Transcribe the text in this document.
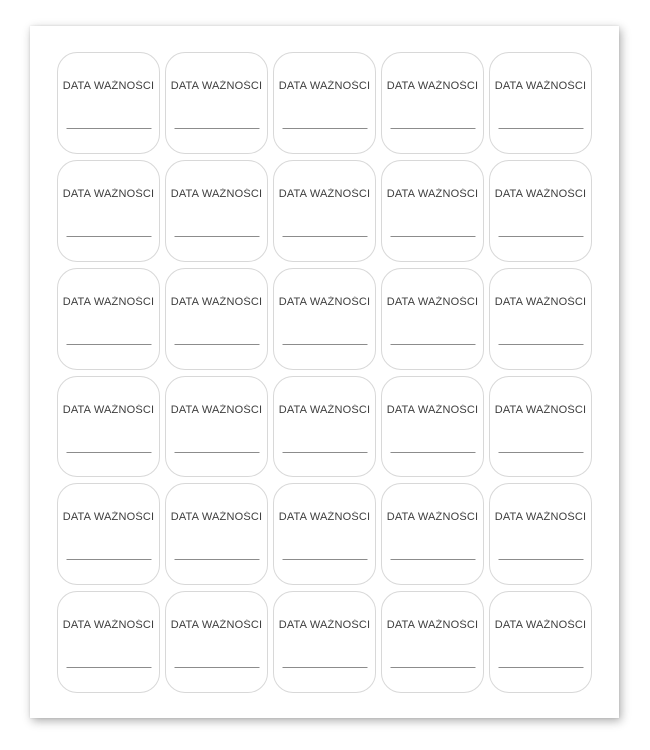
DATA WAŻNOŚCI	DATA WAŻNOŚCI	DATA WAŻNOŚCI	DATA WAŻNOŚCI	DATA WAŻNOŚCI
DATA WAŻNOŚCI	DATA WAŻNOŚCI	DATA WAŻNOŚCI	DATA WAŻNOŚCI	DATA WAŻNOŚCI
DATA WAŻNOŚCI	DATA WAŻNOŚCI	DATA WAŻNOŚCI	DATA WAŻNOŚCI	DATA WAŻNOŚCI
DATA WAŻNOŚCI	DATA WAŻNOŚCI	DATA WAŻNOŚCI	DATA WAŻNOŚCI	DATA WAŻNOŚCI
DATA WAŻNOŚCI	DATA WAŻNOŚCI	DATA WAŻNOŚCI	DATA WAŻNOŚCI	DATA WAŻNOŚCI
DATA WAŻNOŚCI	DATA WAŻNOŚCI	DATA WAŻNOŚCI	DATA WAŻNOŚCI	DATA WAŻNOŚCI
